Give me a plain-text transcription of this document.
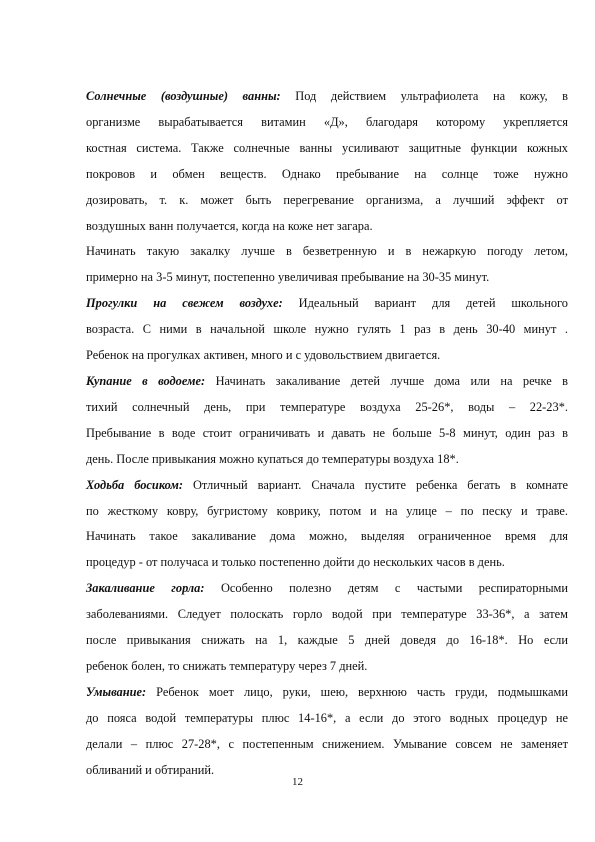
Солнечные (воздушные) ванны: Под действием ультрафиолета на кожу, в
организме вырабатывается витамин «Д», благодаря которому укрепляется
костная система. Также солнечные ванны усиливают защитные функции кожных
покровов и обмен веществ. Однако пребывание на солнце тоже нужно
дозировать, т. к. может быть перегревание организма, а лучший эффект от
воздушных ванн получается, когда на коже нет загара.

Начинать такую закалку лучше в безветренную и в нежаркую погоду летом,
примерно на 3-5 минут, постепенно увеличивая пребывание на 30-35 минут.

Прогулки на свежем воздухе: Идеальный вариант для детей школьного
возраста. С ними в начальной школе нужно гулять 1 раз в день 30-40 минут .
Ребенок на прогулках активен, много и с удовольствием двигается.

Купание в водоеме: Начинать закаливание детей лучше дома или на речке в
тихий солнечный день, при температуре воздуха 25-26*, воды – 22-23*.
Пребывание в воде стоит ограничивать и давать не больше 5-8 минут, один раз в
день. После привыкания можно купаться до температуры воздуха 18*.

Ходьба босиком: Отличный вариант. Сначала пустите ребенка бегать в комнате
по жесткому ковру, бугристому коврику, потом и на улице – по песку и траве.
Начинать такое закаливание дома можно, выделяя ограниченное время для
процедур - от получаса и только постепенно дойти до нескольких часов в день.

Закаливание горла: Особенно полезно детям с частыми респираторными
заболеваниями. Следует полоскать горло водой при температуре 33-36*, а затем
после привыкания снижать на 1, каждые 5 дней доведя до 16-18*. Но если
ребенок болен, то снижать температуру через 7 дней.

Умывание: Ребенок моет лицо, руки, шею, верхнюю часть груди, подмышками
до пояса водой температуры плюс 14-16*, а если до этого водных процедур не
делали – плюс 27-28*, с постепенным снижением. Умывание совсем не заменяет
обливаний и обтираний.

12
